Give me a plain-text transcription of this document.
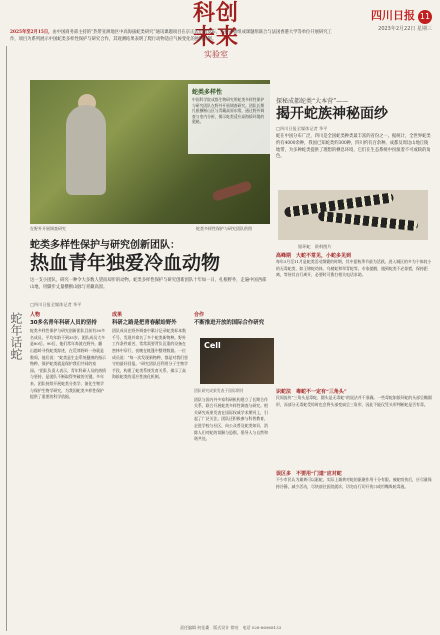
蛇年话蛇
科创未来
实验室
四川日报 11
2023年2月22日 星期三
2025年至2月15日，由中国商务部主持的“热带亚洲地区中高海拔蛇类研究”通讯课题项目在京正式启动发布，主持开始组成课题组联合与法国香港大学等单位开展研究工作，项目为系列展示中国蛇类多样性保护与研究合作，其观测结果表明了爬行动物适应气候变化的独特机制。
蛇类多样性
中国科学院成都生物研究所蛇类多样性保护与研究团队在野外开展调查研究。团队长期扎根横断山区与青藏高原东缘，通过野外调查与室内分析，揭示蛇类适应高海拔环境的奥秘。
在野外开展调查研究	蛇类多样性保护与研究团队供图
探秘成都蛇类“大本营”——
揭开蛇族神秘面纱
□四川日报全媒体记者 华平
蛇在中国分布广泛，四川是全国蛇类种类最丰富的省份之一。据统计，全世界蛇类约有4000余种，我国已知蛇类约300种，四川约有百余种。成都及周边山地丘陵地带，为多种蛇类提供了理想的栖息环境，它们在生态系统中扮演着不可或缺的角色。
银环蛇　资料图片
高峰期　大蛇不常见，小蛇多见到
每年3月至11月是蛇类活动频繁的时期，其中夏秋季节最为活跃。进入城区的多为个体较小的无毒蛇类，如王锦蛇幼体、乌梢蛇和翠青蛇等。专家提醒，遇到蛇类不必惊慌，保持距离，等待其自行离开，必要时可拨打相关电话求助。
识蛇法　毒蛇不一定有“三角头”
民间流传“三角头是毒蛇、圆头是无毒蛇”的说法并不准确。一些毒蛇如银环蛇的头部呈椭圆形，而部分无毒蛇受惊时也会将头部变扁呈三角形，因此不能仅凭头形判断蛇是否有毒。
误区多　不要用“门道”应对蛇
不少市民认为雄黄可以驱蛇，实际上雄黄对蛇的驱避作用十分有限。被蛇咬伤后，应尽量保持冷静，减少活动，尽快前往医院就诊，切勿自行切开伤口或用嘴吸吮毒液。
蛇类多样性保护与研究创新团队：
热血青年独爱冷血动物
这一支小团队，研究一种令大多数人望而却步的动物。蛇类多样性保护与研究创新团队十年如一日，扎根野外，走遍中国西部山地，用脚步丈量横断山脉与青藏高原。
□四川日报全媒体记者 华平
人物
30多名青年科研人员的坚持
蛇类多样性保护与研究创新团队目前有30多名成员，平均年龄不到35岁。团队成员大多是80后、90后，他们常年奔波在野外，翻山越岭寻找蛇类踪迹，在荒郊野岭一待就是数周。他们说：“蛇类是生态系统健康的指示物种，保护蛇类就是保护我们共同的家园。”团队负责人表示，青年科研人员的热情与坚持，是团队不断取得突破的关键。多年来，团队持续开展蛇类分类学、演化生物学与保护生物学研究，为我国蛇类多样性保护提供了重要的科学依据。
成果
科研之路是把青春献给野外
团队成员在野外调查中累计记录蛇类标本数千号，发现并命名了多个蛇类新物种。野外工作条件艰苦，常常需要背负沉重的设备在密林中穿行，夜晚在帐篷中整理数据。一位成员说：“每一次发现新物种，都是对我们坚守的最好回报。”研究团队还利用分子生物学手段，构建了蛇类系统发育关系，揭示了高海拔蛇类的适应性演化机制。
合作
不断推进开放的国际合作研究
Cell
团队研究成果发表于国际期刊
团队与国内外多家科研机构建立了长期合作关系，联合开展蛇类多样性调查与研究。相关研究成果发表在国际权威学术期刊上，引起了广泛关注。团队还积极参与科普教育，走进学校与社区，向公众普及蛇类知识，消除人们对蛇的误解与恐惧，倡导人与自然和谐共处。
责任编辑 何佳桑　版式设计 徐亮　电话 028-86968133
